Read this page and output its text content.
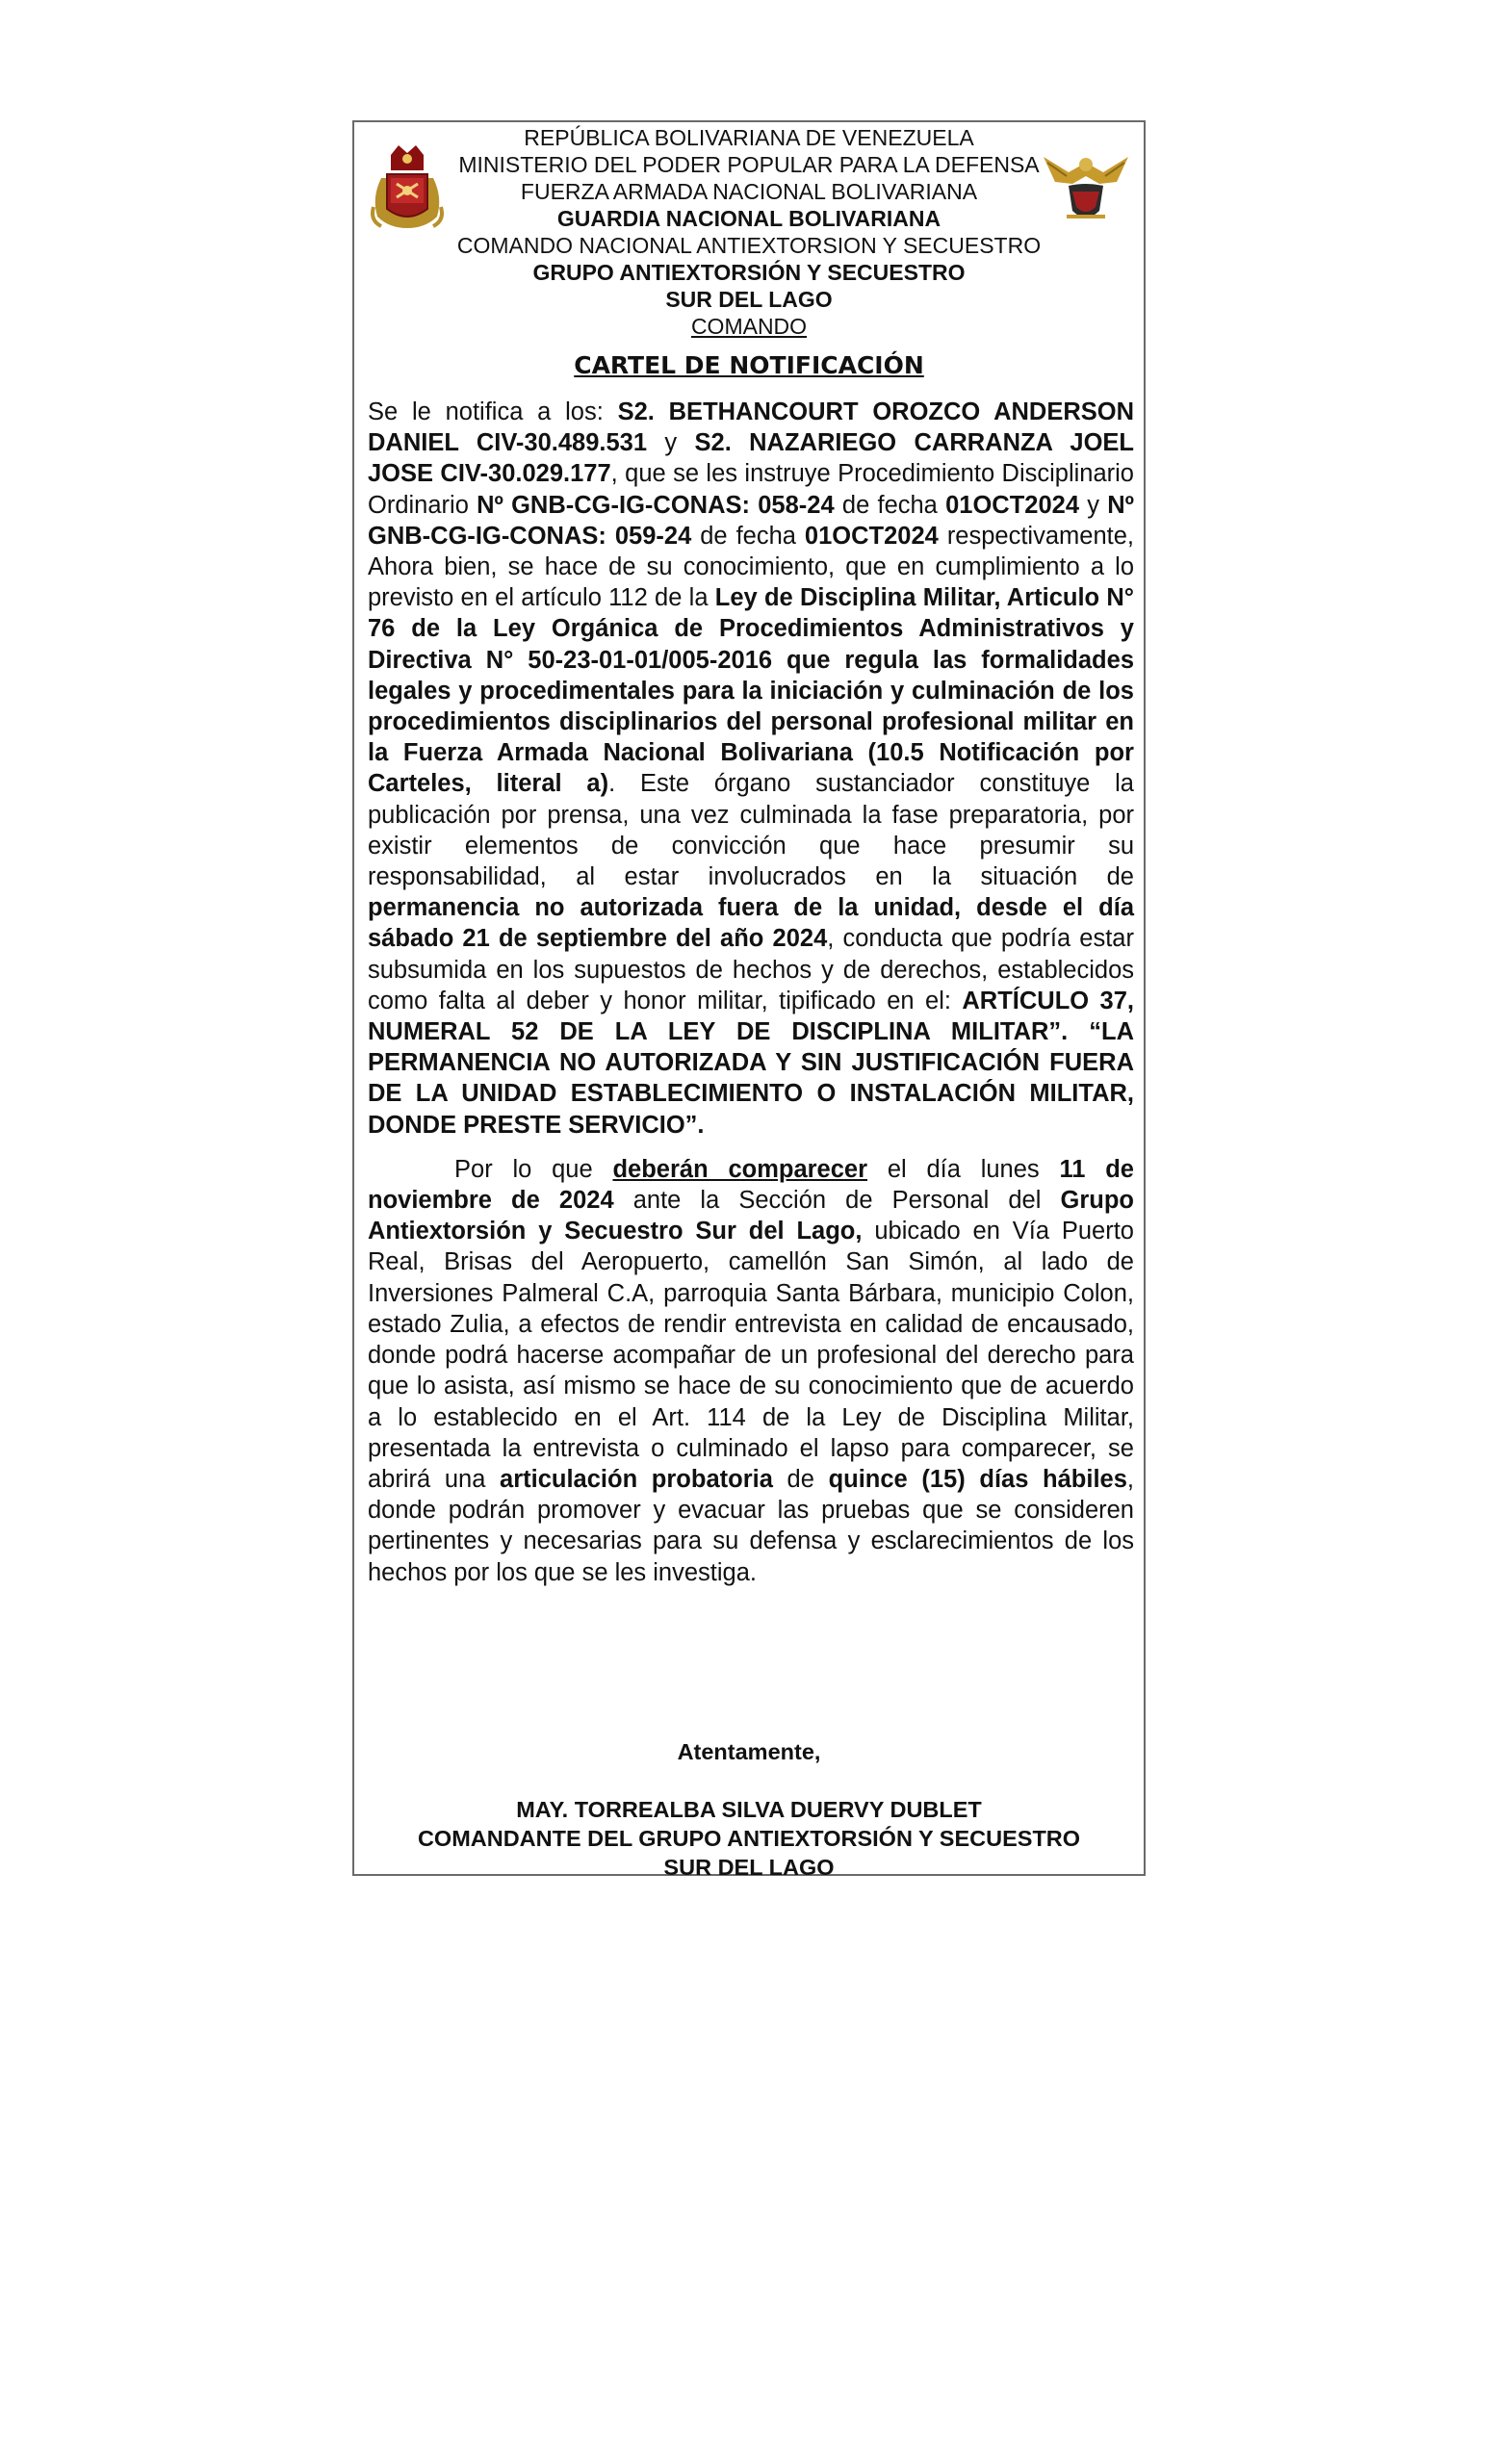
REPÚBLICA BOLIVARIANA DE VENEZUELA
MINISTERIO DEL PODER POPULAR PARA LA DEFENSA
FUERZA ARMADA NACIONAL BOLIVARIANA
GUARDIA NACIONAL BOLIVARIANA
COMANDO NACIONAL ANTIEXTORSION Y SECUESTRO
GRUPO ANTIEXTORSIÓN Y SECUESTRO
SUR DEL LAGO
COMANDO
CARTEL DE NOTIFICACIÓN

Se le notifica a los: S2. BETHANCOURT OROZCO ANDERSON DANIEL CIV-30.489.531 y S2. NAZARIEGO CARRANZA JOEL JOSE CIV-30.029.177, que se les instruye Procedimiento Disciplinario Ordinario Nº GNB-CG-IG-CONAS: 058-24 de fecha 01OCT2024 y Nº GNB-CG-IG-CONAS: 059-24 de fecha 01OCT2024 respectivamente, Ahora bien, se hace de su conocimiento, que en cumplimiento a lo previsto en el artículo 112 de la Ley de Disciplina Militar, Articulo N° 76 de la Ley Orgánica de Procedimientos Administrativos y Directiva N° 50-23-01-01/005-2016 que regula las formalidades legales y procedimentales para la iniciación y culminación de los procedimientos disciplinarios del personal profesional militar en la Fuerza Armada Nacional Bolivariana (10.5 Notificación por Carteles, literal a). Este órgano sustanciador constituye la publicación por prensa, una vez culminada la fase preparatoria, por existir elementos de convicción que hace presumir su responsabilidad, al estar involucrados en la situación de permanencia no autorizada fuera de la unidad, desde el día sábado 21 de septiembre del año 2024, conducta que podría estar subsumida en los supuestos de hechos y de derechos, establecidos como falta al deber y honor militar, tipificado en el: ARTÍCULO 37, NUMERAL 52 DE LA LEY DE DISCIPLINA MILITAR”. “LA PERMANENCIA NO AUTORIZADA Y SIN JUSTIFICACIÓN FUERA DE LA UNIDAD ESTABLECIMIENTO O INSTALACIÓN MILITAR, DONDE PRESTE SERVICIO”.

Por lo que deberán comparecer el día lunes 11 de noviembre de 2024 ante la Sección de Personal del Grupo Antiextorsión y Secuestro Sur del Lago, ubicado en Vía Puerto Real, Brisas del Aeropuerto, camellón San Simón, al lado de Inversiones Palmeral C.A, parroquia Santa Bárbara, municipio Colon, estado Zulia, a efectos de rendir entrevista en calidad de encausado, donde podrá hacerse acompañar de un profesional del derecho para que lo asista, así mismo se hace de su conocimiento que de acuerdo a lo establecido en el Art. 114 de la Ley de Disciplina Militar, presentada la entrevista o culminado el lapso para comparecer, se abrirá una articulación probatoria de quince (15) días hábiles, donde podrán promover y evacuar las pruebas que se consideren pertinentes y necesarias para su defensa y esclarecimientos de los hechos por los que se les investiga.

Atentamente,
MAY. TORREALBA SILVA DUERVY DUBLET
COMANDANTE DEL GRUPO ANTIEXTORSIÓN Y SECUESTRO
SUR DEL LAGO
